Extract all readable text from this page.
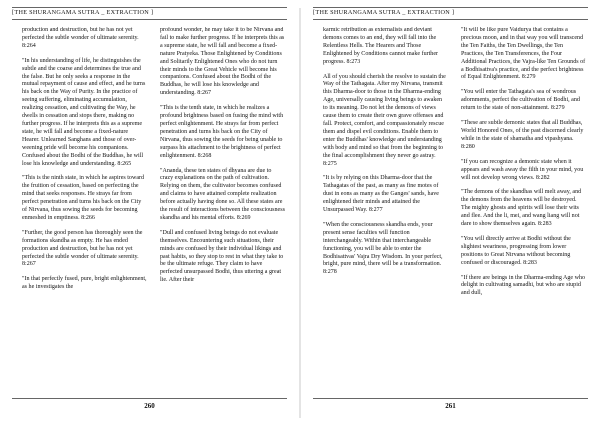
[THE SHURANGAMA SUTRA _ EXTRACTION ]

production and destruction, but he has not yet perfected the subtle wonder of ultimate serenity. 8:264

"In his understanding of life, he distinguishes the subtle and the coarse and determines the true and the false. But he only seeks a response in the mutual repayment of cause and effect, and he turns his back on the Way of Purity. In the practice of seeing suffering, eliminating accumulation, realizing cessation, and cultivating the Way, he dwells in cessation and stops there, making no further progress. If he interprets this as a supreme state, he will fall and become a fixed-nature Hearer. Unlearned Sanghans and those of over-weening pride will become his companions. Confused about the Bodhi of the Buddhas, he will lose his knowledge and understanding. 8:265

"This is the ninth state, in which he aspires toward the fruition of cessation, based on perfecting the mind that seeks responses. He strays far from perfect penetration and turns his back on the City of Nirvana, thus sowing the seeds for becoming enmeshed in emptiness. 8:266

"Further, the good person has thoroughly seen the formations skandha as empty. He has ended production and destruction, but he has not yet perfected the subtle wonder of ultimate serenity. 8:267

"In that perfectly fused, pure, bright enlightenment, as he investigates the

profound wonder, he may take it to be Nirvana and fail to make further progress. If he interprets this as a supreme state, he will fall and become a fixed-nature Pratyeka. Those Enlightened by Conditions and Solitarily Enlightened Ones who do not turn their minds to the Great Vehicle will become his companions. Confused about the Bodhi of the Buddhas, he will lose his knowledge and understanding. 8:267

"This is the tenth state, in which he realizes a profound brightness based on fusing the mind with perfect enlightenment. He strays far from perfect penetration and turns his back on the City of Nirvana, thus sowing the seeds for being unable to surpass his attachment to the brightness of perfect enlightenment. 8:268

"Ananda, these ten states of dhyana are due to crazy explanations on the path of cultivation. Relying on them, the cultivator becomes confused and claims to have attained complete realization before actually having done so. All these states are the result of interactions between the consciousness skandha and his mental efforts. 8:269

"Dull and confused living beings do not evaluate themselves. Encountering such situations, their minds are confused by their individual likings and past habits, so they stop to rest in what they take to be the ultimate refuge. They claim to have perfected unsurpassed Bodhi, thus uttering a great lie. After their

260
[THE SHURANGAMA SUTRA _ EXTRACTION ]

karmic retribution as externalists and deviant demons comes to an end, they will fall into the Relentless Hells. The Hearers and Those Enlightened by Conditions cannot make further progress. 8:273

All of you should cherish the resolve to sustain the Way of the Tathagata. After my Nirvana, transmit this Dharma-door to those in the Dharma-ending Age, universally causing living beings to awaken to its meaning. Do not let the demons of views cause them to create their own grave offenses and fall. Protect, comfort, and compassionately rescue them and dispel evil conditions. Enable them to enter the Buddhas' knowledge and understanding with body and mind so that from the beginning to the final accomplishment they never go astray. 8:275

"It is by relying on this Dharma-door that the Tathagatas of the past, as many as fine motes of dust in eons as many as the Ganges' sands, have enlightened their minds and attained the Unsurpassed Way. 8:277

"When the consciousness skandha ends, your present sense faculties will function interchangeably. Within that interchangeable functioning, you will be able to enter the Bodhisattvas' Vajra Dry Wisdom. In your perfect, bright, pure mind, there will be a transformation. 8:278

"It will be like pure Vaidurya that contains a precious moon, and in that way you will transcend the Ten Faiths, the Ten Dwellings, the Ten Practices, the Ten Transferences, the Four Additional Practices, the Vajra-like Ten Grounds of a Bodhisattva's practice, and the perfect brightness of Equal Enlightenment. 8:279

"You will enter the Tathagata's sea of wondrous adornments, perfect the cultivation of Bodhi, and return to the state of non-attainment. 8:279

"These are subtle demonic states that all Buddhas, World Honored Ones, of the past discerned clearly while in the state of shamatha and vipashyana. 8:280

"If you can recognize a demonic state when it appears and wash away the filth in your mind, you will not develop wrong views. 8:282

"The demons of the skandhas will melt away, and the demons from the heavens will be destroyed. The mighty ghosts and spirits will lose their wits and flee. And the li, mei, and wang liang will not dare to show themselves again. 8:283

"You will directly arrive at Bodhi without the slightest weariness, progressing from lower positions to Great Nirvana without becoming confused or discouraged. 8:283

"If there are beings in the Dharma-ending Age who delight in cultivating samadhi, but who are stupid and dull,

261
